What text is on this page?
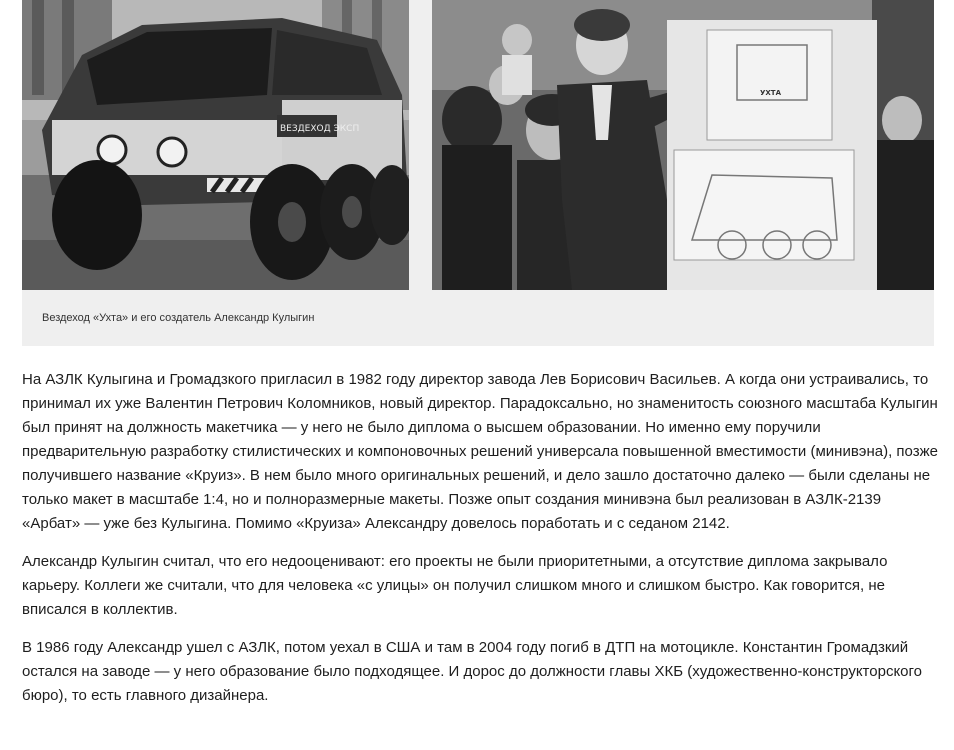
ВЕЗДЕХОД ЭКСП
УХТА
Вездеход «Ухта» и его создатель Александр Кулыгин

На АЗЛК Кулыгина и Громадзкого пригласил в 1982 году директор завода Лев Борисович Васильев. А когда они устраивались, то принимал их уже Валентин Петрович Коломников, новый директор. Парадоксально, но знаменитость союзного масштаба Кулыгин был принят на должность макетчика — у него не было диплома о высшем образовании. Но именно ему поручили предварительную разработку стилистических и компоновочных решений универсала повышенной вместимости (минивэна), позже получившего название «Круиз». В нем было много оригинальных решений, и дело зашло достаточно далеко — были сделаны не только макет в масштабе 1:4, но и полноразмерные макеты. Позже опыт создания минивэна был реализован в АЗЛК-2139 «Арбат» — уже без Кулыгина. Помимо «Круиза» Александру довелось поработать и с седаном 2142.

Александр Кулыгин считал, что его недооценивают: его проекты не были приоритетными, а отсутствие диплома закрывало карьеру. Коллеги же считали, что для человека «с улицы» он получил слишком много и слишком быстро. Как говорится, не вписался в коллектив.

В 1986 году Александр ушел с АЗЛК, потом уехал в США и там в 2004 году погиб в ДТП на мотоцикле. Константин Громадзкий остался на заводе — у него образование было подходящее. И дорос до должности главы ХКБ (художественно-конструкторского бюро), то есть главного дизайнера.
